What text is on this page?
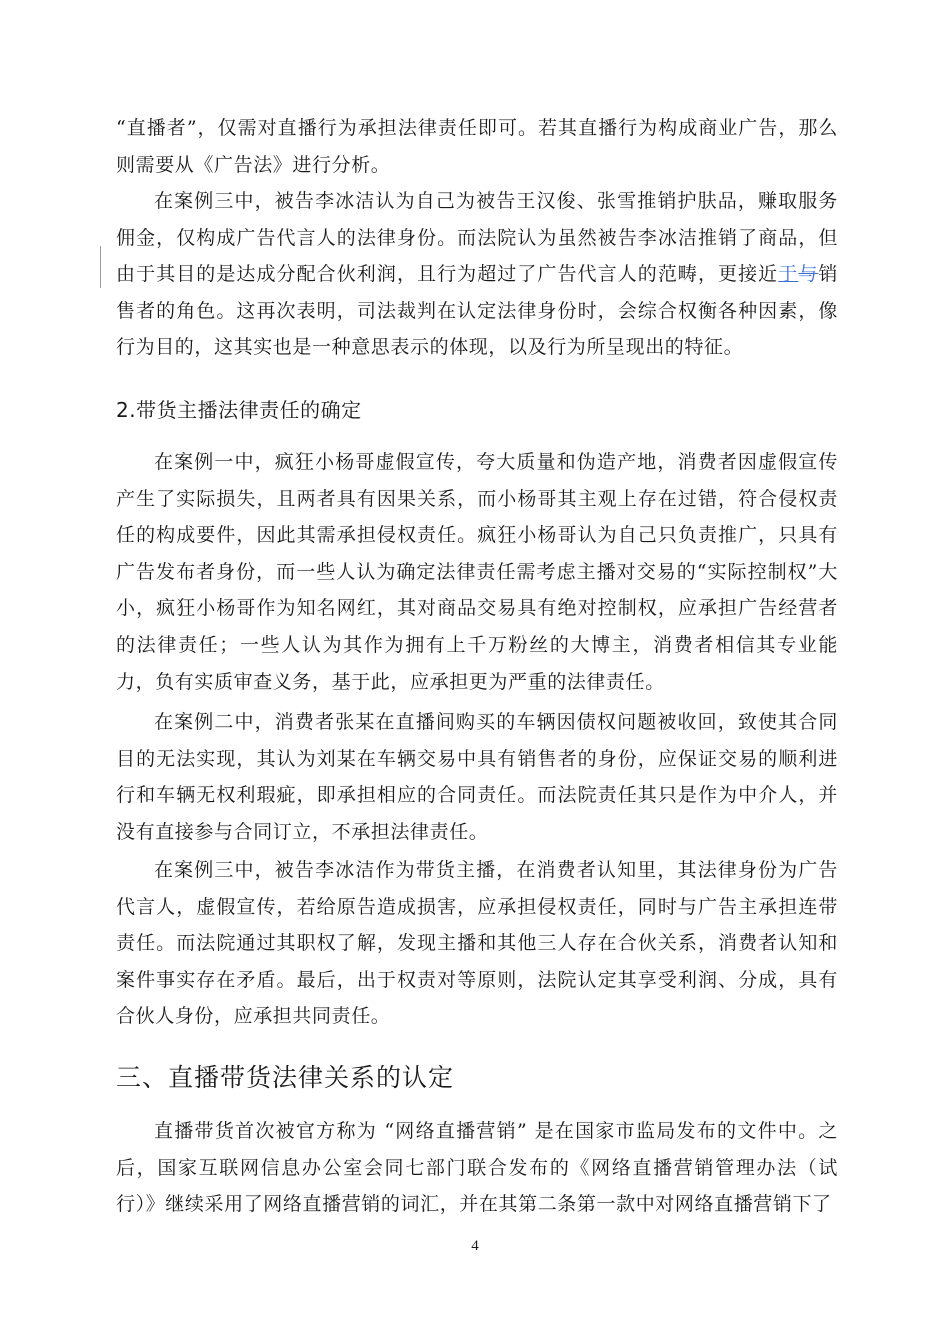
“直播者”，仅需对直播行为承担法律责任即可。若其直播行为构成商业广告，那么则需要从《广告法》进行分析。
在案例三中，被告李冰洁认为自己为被告王汉俊、张雪推销护肤品，赚取服务佣金，仅构成广告代言人的法律身份。而法院认为虽然被告李冰洁推销了商品，但由于其目的是达成分配合伙利润，且行为超过了广告代言人的范畴，更接近于与销售者的角色。这再次表明，司法裁判在认定法律身份时，会综合权衡各种因素，像行为目的，这其实也是一种意思表示的体现，以及行为所呈现出的特征。
2.带货主播法律责任的确定
在案例一中，疯狂小杨哥虚假宣传，夸大质量和伪造产地，消费者因虚假宣传产生了实际损失，且两者具有因果关系，而小杨哥其主观上存在过错，符合侵权责任的构成要件，因此其需承担侵权责任。疯狂小杨哥认为自己只负责推广，只具有广告发布者身份，而一些人认为确定法律责任需考虑主播对交易的“实际控制权”大小，疯狂小杨哥作为知名网红，其对商品交易具有绝对控制权，应承担广告经营者的法律责任；一些人认为其作为拥有上千万粉丝的大博主，消费者相信其专业能力，负有实质审查义务，基于此，应承担更为严重的法律责任。
在案例二中，消费者张某在直播间购买的车辆因债权问题被收回，致使其合同目的无法实现，其认为刘某在车辆交易中具有销售者的身份，应保证交易的顺利进行和车辆无权利瑕疵，即承担相应的合同责任。而法院责任其只是作为中介人，并没有直接参与合同订立，不承担法律责任。
在案例三中，被告李冰洁作为带货主播，在消费者认知里，其法律身份为广告代言人，虚假宣传，若给原告造成损害，应承担侵权责任，同时与广告主承担连带责任。而法院通过其职权了解，发现主播和其他三人存在合伙关系，消费者认知和案件事实存在矛盾。最后，出于权责对等原则，法院认定其享受利润、分成，具有合伙人身份，应承担共同责任。
三、直播带货法律关系的认定
直播带货首次被官方称为 “网络直播营销” 是在国家市监局发布的文件中。之后，国家互联网信息办公室会同七部门联合发布的《网络直播营销管理办法（试行）》继续采用了网络直播营销的词汇，并在其第二条第一款中对网络直播营销下了
4
